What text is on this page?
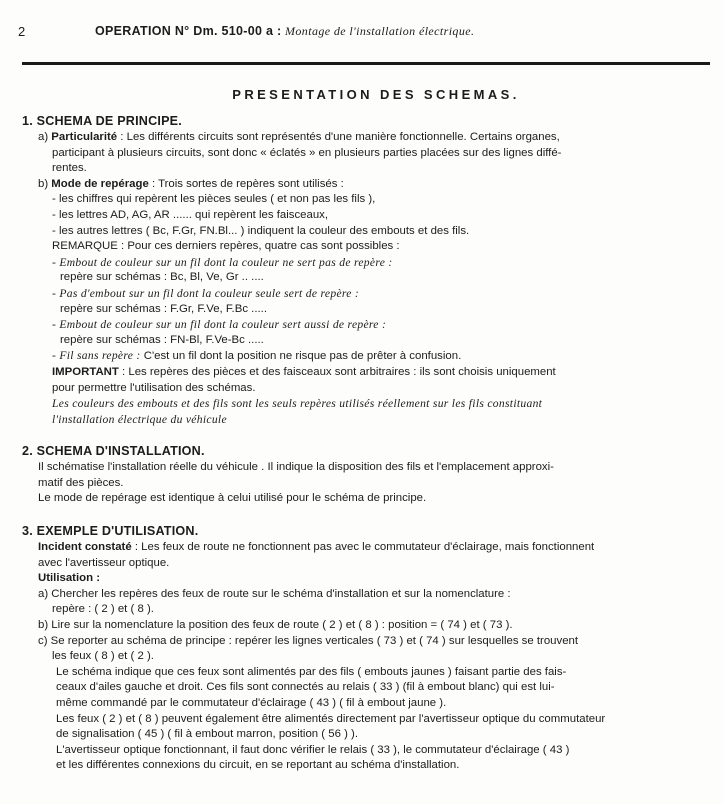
2	OPERATION N° Dm. 510-00 a : Montage de l'installation électrique.
PRESENTATION DES SCHEMAS.
1. SCHEMA DE PRINCIPE.
a) Particularité : Les différents circuits sont représentés d'une manière fonctionnelle. Certains organes,
participant à plusieurs circuits, sont donc « éclatés » en plusieurs parties placées sur des lignes diffé-
rentes.
b) Mode de repérage : Trois sortes de repères sont utilisés :
- les chiffres qui repèrent les pièces seules ( et non pas les fils ),
- les lettres AD, AG, AR ...... qui repèrent les faisceaux,
- les autres lettres ( Bc, F.Gr, FN.Bl... ) indiquent la couleur des embouts et des fils.
REMARQUE : Pour ces derniers repères, quatre cas sont possibles :
- Embout de couleur sur un fil dont la couleur ne sert pas de repère :
repère sur schémas : Bc, Bl, Ve, Gr .. ....
- Pas d'embout sur un fil dont la couleur seule sert de repère :
repère sur schémas : F.Gr, F.Ve, F.Bc .....
- Embout de couleur sur un fil dont la couleur sert aussi de repère :
repère sur schémas : FN-Bl, F.Ve-Bc .....
- Fil sans repère : C'est un fil dont la position ne risque pas de prêter à confusion.
IMPORTANT : Les repères des pièces et des faisceaux sont arbitraires : ils sont choisis uniquement
pour permettre l'utilisation des schémas.
Les couleurs des embouts et des fils sont les seuls repères utilisés réellement sur les fils constituant
l'installation électrique du véhicule
2. SCHEMA D'INSTALLATION.
Il schématise l'installation réelle du véhicule . Il indique la disposition des fils et l'emplacement approxi-
matif des pièces.
Le mode de repérage est identique à celui utilisé pour le schéma de principe.
3. EXEMPLE D'UTILISATION.
Incident constaté : Les feux de route ne fonctionnent pas avec le commutateur d'éclairage, mais fonctionnent
avec l'avertisseur optique.
Utilisation :
a) Chercher les repères des feux de route sur le schéma d'installation et sur la nomenclature :
repère : ( 2 ) et ( 8 ).
b) Lire sur la nomenclature la position des feux de route ( 2 ) et ( 8 ) : position = ( 74 ) et ( 73 ).
c) Se reporter au schéma de principe : repérer les lignes verticales ( 73 ) et ( 74 ) sur lesquelles se trouvent
les feux ( 8 ) et ( 2 ).
Le schéma indique que ces feux sont alimentés par des fils ( embouts jaunes ) faisant partie des fais-
ceaux d'ailes gauche et droit. Ces fils sont connectés au relais ( 33 ) (fil à embout blanc) qui est lui-
même commandé par le commutateur d'éclairage ( 43 ) ( fil à embout jaune ).
Les feux ( 2 ) et ( 8 ) peuvent également être alimentés directement par l'avertisseur optique du commutateur
de signalisation ( 45 ) ( fil à embout marron, position ( 56 ) ).
L'avertisseur optique fonctionnant, il faut donc vérifier le relais ( 33 ), le commutateur d'éclairage ( 43 )
et les différentes connexions du circuit, en se reportant au schéma d'installation.
